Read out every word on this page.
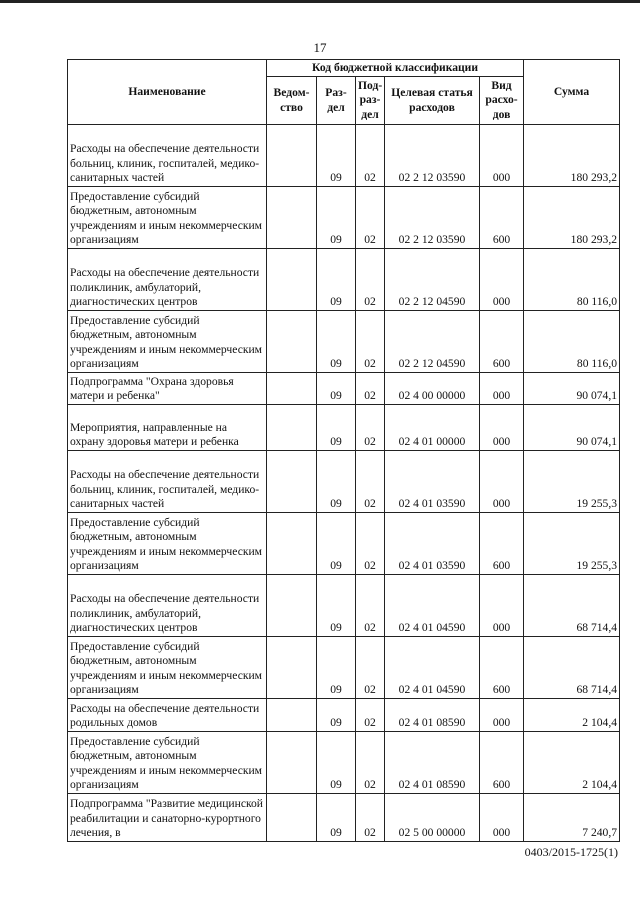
17
Наименование	Код бюджетной классификации					Сумма
	Ведом-ство	Раз-дел	Под-раз-дел	Целевая статья расходов	Вид расхо-дов	
Расходы на обеспечение деятельности больниц, клиник, госпиталей, медико-санитарных частей		09	02	02 2 12 03590	000	180 293,2
Предоставление субсидий бюджетным, автономным учреждениям и иным некоммерческим организациям		09	02	02 2 12 03590	600	180 293,2
Расходы на обеспечение деятельности поликлиник, амбулаторий, диагностических центров		09	02	02 2 12 04590	000	80 116,0
Предоставление субсидий бюджетным, автономным учреждениям и иным некоммерческим организациям		09	02	02 2 12 04590	600	80 116,0
Подпрограмма "Охрана здоровья матери и ребенка"		09	02	02 4 00 00000	000	90 074,1
Мероприятия, направленные на охрану здоровья матери и ребенка		09	02	02 4 01 00000	000	90 074,1
Расходы на обеспечение деятельности больниц, клиник, госпиталей, медико-санитарных частей		09	02	02 4 01 03590	000	19 255,3
Предоставление субсидий бюджетным, автономным учреждениям и иным некоммерческим организациям		09	02	02 4 01 03590	600	19 255,3
Расходы на обеспечение деятельности поликлиник, амбулаторий, диагностических центров		09	02	02 4 01 04590	000	68 714,4
Предоставление субсидий бюджетным, автономным учреждениям и иным некоммерческим организациям		09	02	02 4 01 04590	600	68 714,4
Расходы на обеспечение деятельности родильных домов		09	02	02 4 01 08590	000	2 104,4
Предоставление субсидий бюджетным, автономным учреждениям и иным некоммерческим организациям		09	02	02 4 01 08590	600	2 104,4
Подпрограмма "Развитие медицинской реабилитации и санаторно-курортного лечения, в		09	02	02 5 00 00000	000	7 240,7
0403/2015-1725(1)
